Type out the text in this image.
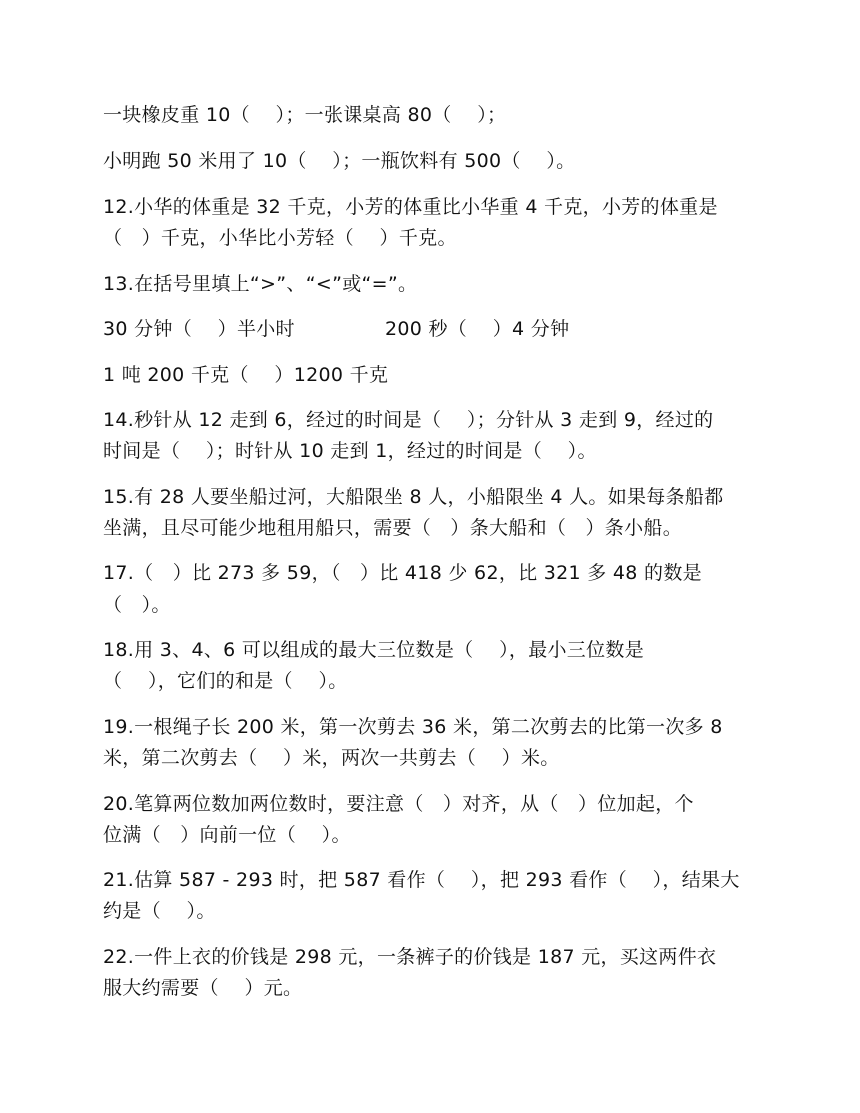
一块橡皮重 10（　 ）；一张课桌高 80（　 ）；
小明跑 50 米用了 10（　 ）；一瓶饮料有 500（　 ）。
12.小华的体重是 32 千克，小芳的体重比小华重 4 千克，小芳的体重是
（　）千克，小华比小芳轻（　 ）千克。
13.在括号里填上“>”、“<”或“=”。
30 分钟（　 ）半小时	200 秒（　 ）4 分钟
1 吨 200 千克（　 ）1200 千克
14.秒针从 12 走到 6，经过的时间是（　 ）；分针从 3 走到 9，经过的
时间是（　 ）；时针从 10 走到 1，经过的时间是（　 ）。
15.有 28 人要坐船过河，大船限坐 8 人，小船限坐 4 人。如果每条船都
坐满，且尽可能少地租用船只，需要（　）条大船和（　）条小船。
17.（　）比 273 多 59，（　）比 418 少 62，比 321 多 48 的数是
（　）。
18.用 3、4、6 可以组成的最大三位数是（　 ），最小三位数是
（　 ），它们的和是（　 ）。
19.一根绳子长 200 米，第一次剪去 36 米，第二次剪去的比第一次多 8
米，第二次剪去（　 ）米，两次一共剪去（　 ）米。
20.笔算两位数加两位数时，要注意（　）对齐，从（　）位加起，个
位满（　）向前一位（　 ）。
21.估算 587 - 293 时，把 587 看作（　 ），把 293 看作（　 ），结果大
约是（　 ）。
22.一件上衣的价钱是 298 元，一条裤子的价钱是 187 元，买这两件衣
服大约需要（　 ）元。
